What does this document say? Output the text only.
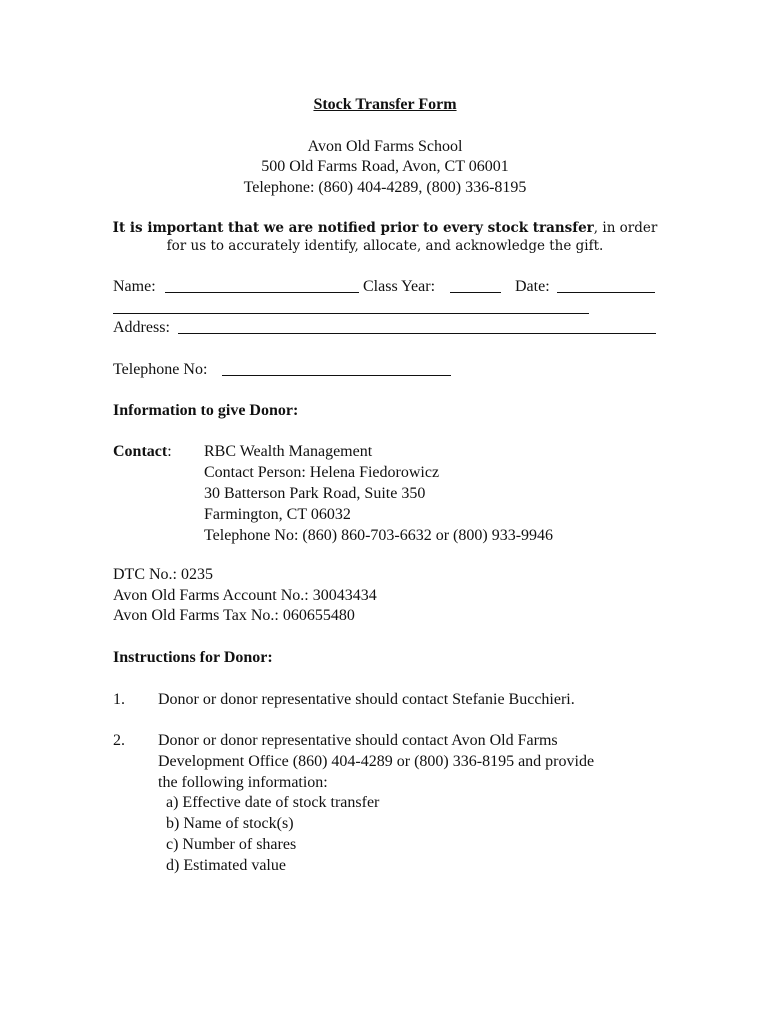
Stock Transfer Form
Avon Old Farms School
500 Old Farms Road, Avon, CT 06001
Telephone: (860) 404-4289, (800) 336-8195
It is important that we are notified prior to every stock transfer, in order for us to accurately identify, allocate, and acknowledge the gift.
Name:	Class Year:	Date:
Address:
Telephone No:
Information to give Donor:
Contact: RBC Wealth Management
Contact Person: Helena Fiedorowicz
30 Batterson Park Road, Suite 350
Farmington, CT 06032
Telephone No: (860) 860-703-6632 or (800) 933-9946
DTC No.: 0235
Avon Old Farms Account No.: 30043434
Avon Old Farms Tax No.: 060655480
Instructions for Donor:
1. Donor or donor representative should contact Stefanie Bucchieri.
2. Donor or donor representative should contact Avon Old Farms
Development Office (860) 404-4289 or (800) 336-8195 and provide
the following information:
a) Effective date of stock transfer
b) Name of stock(s)
c) Number of shares
d) Estimated value
